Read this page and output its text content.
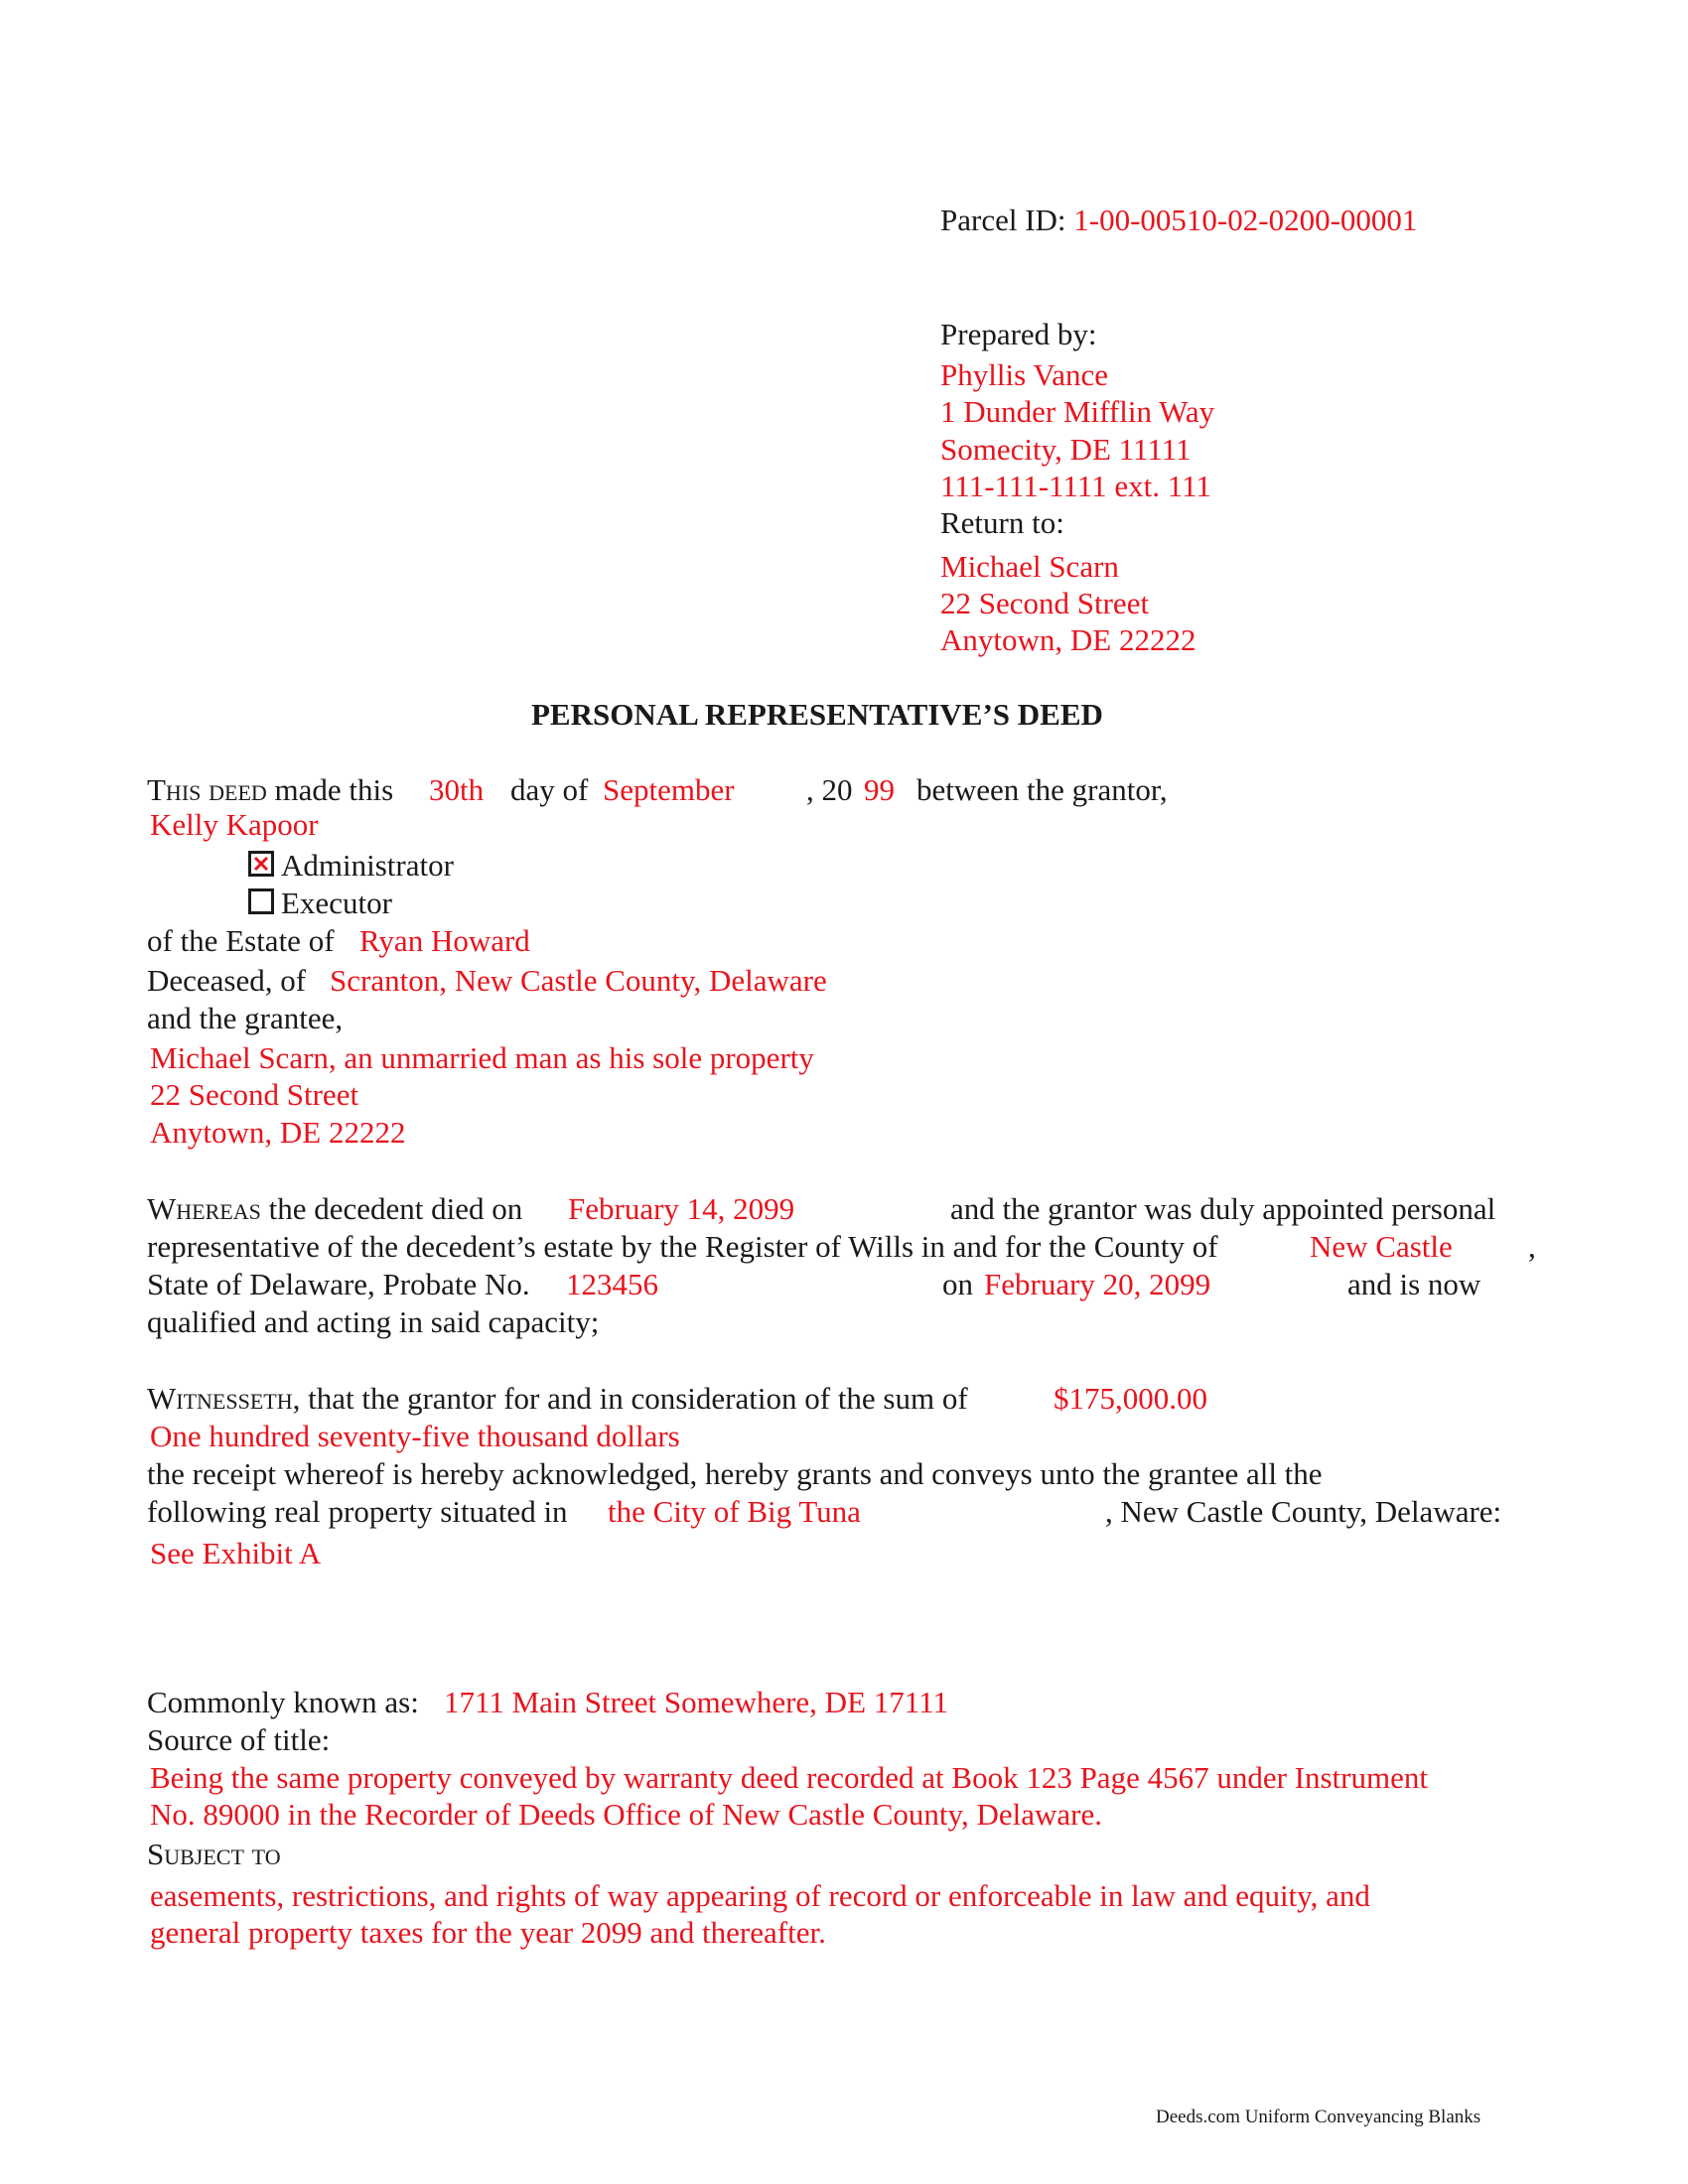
Parcel ID: 1-00-00510-02-0200-00001
Prepared by:
Phyllis Vance
1 Dunder Mifflin Way
Somecity, DE 11111
111-111-1111 ext. 111
Return to:
Michael Scarn
22 Second Street
Anytown, DE 22222
PERSONAL REPRESENTATIVE’S DEED
This deed made this 30th day of September , 20 99 between the grantor,
Kelly Kapoor
Administrator
Executor
of the Estate of Ryan Howard
Deceased, of Scranton, New Castle County, Delaware
and the grantee,
Michael Scarn, an unmarried man as his sole property
22 Second Street
Anytown, DE 22222
Whereas the decedent died on February 14, 2099	and the grantor was duly appointed personal
representative of the decedent’s estate by the Register of Wills in and for the County of	New Castle ,
State of Delaware, Probate No. 123456	on February 20, 2099	and is now
qualified and acting in said capacity;
Witnesseth, that the grantor for and in consideration of the sum of	$175,000.00
One hundred seventy-five thousand dollars
the receipt whereof is hereby acknowledged, hereby grants and conveys unto the grantee all the
following real property situated in the City of Big Tuna	, New Castle County, Delaware:
See Exhibit A
Commonly known as: 1711 Main Street Somewhere, DE 17111
Source of title:
Being the same property conveyed by warranty deed recorded at Book 123 Page 4567 under Instrument
No. 89000 in the Recorder of Deeds Office of New Castle County, Delaware.
Subject to
easements, restrictions, and rights of way appearing of record or enforceable in law and equity, and
general property taxes for the year 2099 and thereafter.
Deeds.com Uniform Conveyancing Blanks
